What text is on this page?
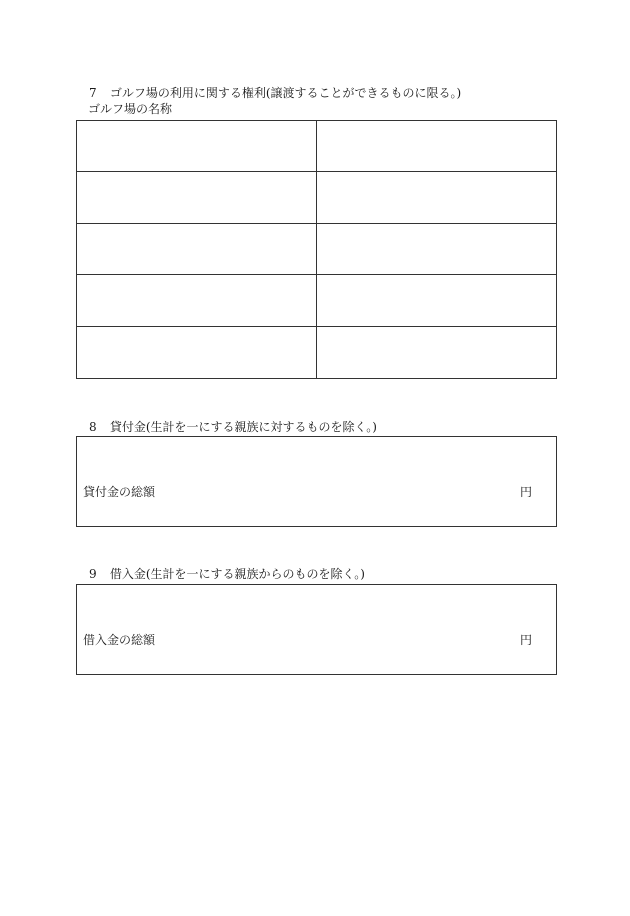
7 ゴルフ場の利用に関する権利(譲渡することができるものに限る。)
ゴルフ場の名称
8 貸付金(生計を一にする親族に対するものを除く。)
貸付金の総額	円
9 借入金(生計を一にする親族からのものを除く。)
借入金の総額	円
